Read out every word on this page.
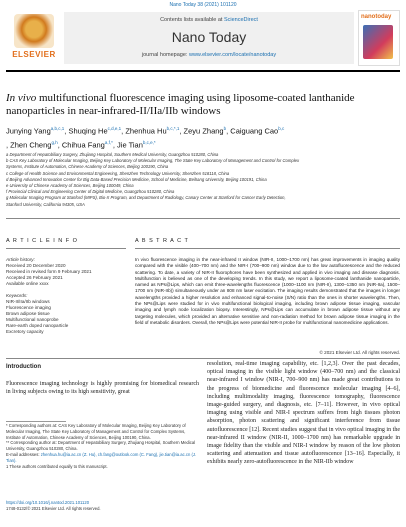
Nano Today 38 (2021) 101120
ELSEVIER
Contents lists available at ScienceDirect
Nano Today
journal homepage: www.elsevier.com/locate/nanotoday
nanotoday
In vivo multifunctional fluorescence imaging using liposome-coated lanthanide nanoparticles in near-infrared-II/IIa/IIb windows
Junying Yang$^{a,b,c,1}$, Shuqing He$^{c,d,e,1}$, Zhenhua $Hu^{b,c,*,1}$, Zeyu Zhang$^b$, Caiguang Cao$^{b,c}$
, Zhen Cheng$^{g,h}$, Chihua Fang$^{a,f,*}$, Jie Tian$^{b,c,e,*}$
a Department of Hepatobiliary Surgery, Zhujiang Hospital, Southern Medical University, Guangzhou 510280, China
b CAS Key Laboratory of Molecular Imaging, Beijing Key Laboratory of Molecular Imaging, The State Key Laboratory of Management and Control for Complex
Systems, Institute of Automation, Chinese Academy of Sciences, Beijing 100190, China
c College of Health Science and Environmental Engineering, Shenzhen Technology University, Shenzhen 518118, China
d Beijing Advanced Innovation Center for Big Data-Based Precision Medicine, School of Medicine, Beihang University, Beijing 100191, China
e University of Chinese Academy of Sciences, Beijing 100049, China
f Provincial Clinical and Engineering Center of Digital Medicine, Guangzhou 510280, China
g Molecular Imaging Program at Stanford (MIPS), Bio-X Program, and Department of Radiology, Canary Center at Stanford for Cancer Early Detection,
Stanford University, California 94305, USA
A R T I C L E I N F O	A B S T R A C T
Article history:
Received 20 December 2020
Received in revised form 9 February 2021
Accepted 26 February 2021
Available online xxxx
Keywords:
NIR-II/IIa/IIb windows
Fluorescence imaging
Brown adipose tissue
Multifunctional nanoprobe
Rare-earth doped nanoparticle
Excretory capacity
In vivo fluorescence imaging in the near-infrared II window (NIR-II, 1000–1700 nm) has great improvements in imaging quality compared with the visible (400–700 nm) and the NIR-I (700–900 nm) window due to the low autofluorescence and the reduced scattering. To date, a variety of NIR-II fluorophores have been synthesized and applied in vivo imaging and disease diagnosis. Multifunction is believed as one of the developing trends. In this study, we report a liposome-coated lanthanide nanoparticle, named as NPs@Lips, which can emit three-wavelengths fluorescence (1000–1100 nm (NIR-II), 1300–1350 nm (NIR-IIa), 1500–1700 nm (NIR-IIb)) simultaneously under an 808 nm laser excitation. The imaging results demonstrated that the images in longer wavelengths provided a higher resolution and enhanced signal-to-noise (S/N) ratio than the ones in shorter wavelengths. Then, the NPs@Lips were studied for in vivo multifunctional biological imaging, including brown adipose tissue imaging, vascular imaging and lymph node localization biopsy. Interestingly, NPs@Lips can accumulate in brown adipose tissue without any targeting molecules, which provided an alternative sensitive and non-radiation method for brown adipose tissue imaging in the field of metabolic disorders. Overall, the NPs@Lips were potential NIR-II probe for multifunctional nanomedicine applications.
© 2021 Elsevier Ltd. All rights reserved.
Introduction
Fluorescence imaging technology is highly promising for biomedical research in living subjects owing to its high sensitivity, great
resolution, real-time imaging capability, etc. [1,2,3]. Over the past decades, optical imaging in the visible light window (400–700 nm) and the classical near-infrared I window (NIR-I, 700–900 nm) has made great contributions to the progress of biomedicine and fluorescence molecular imaging [4–6], including multimodality imaging, fluorescence tomography, fluorescence image-guided surgery, and diagnosis, etc. [7–11]. However, in vivo optical imaging using visible and NIR-I spectrum suffers from high tissues photon absorption, photon scattering and significant interference from tissue autofluorescence [12]. Recent studies suggest that in vivo optical imaging in the near-infrared II window (NIR-II, 1000–1700 nm) has remarkable upgrade in image fidelity than the visible and NIR-I window by reason of the low photon scattering and attenuation and tissue autofluorescence [13–16]. Especially, it exhibits nearly zero-autofluorescence in the NIR-IIb window
* Corresponding authors at: CAS Key Laboratory of Molecular Imaging, Beijing Key Laboratory of Molecular Imaging, The State Key Laboratory of Management and Control for Complex Systems, Institute of Automation, Chinese Academy of Sciences, Beijing 100190, China.
** Corresponding author at: Department of Hepatobiliary Surgery, Zhujiang Hospital, Southern Medical University, Guangzhou 510280, China.
E-mail addresses: zhenhua.hu@ia.ac.cn (Z. Hu), ch.fang@outlook.com (C. Fang), jie.tian@ia.ac.cn (J. Tian).
1 These authors contributed equally to this manuscript.
https://doi.org/10.1016/j.nantod.2021.101120
1748-0132/© 2021 Elsevier Ltd. All rights reserved.
